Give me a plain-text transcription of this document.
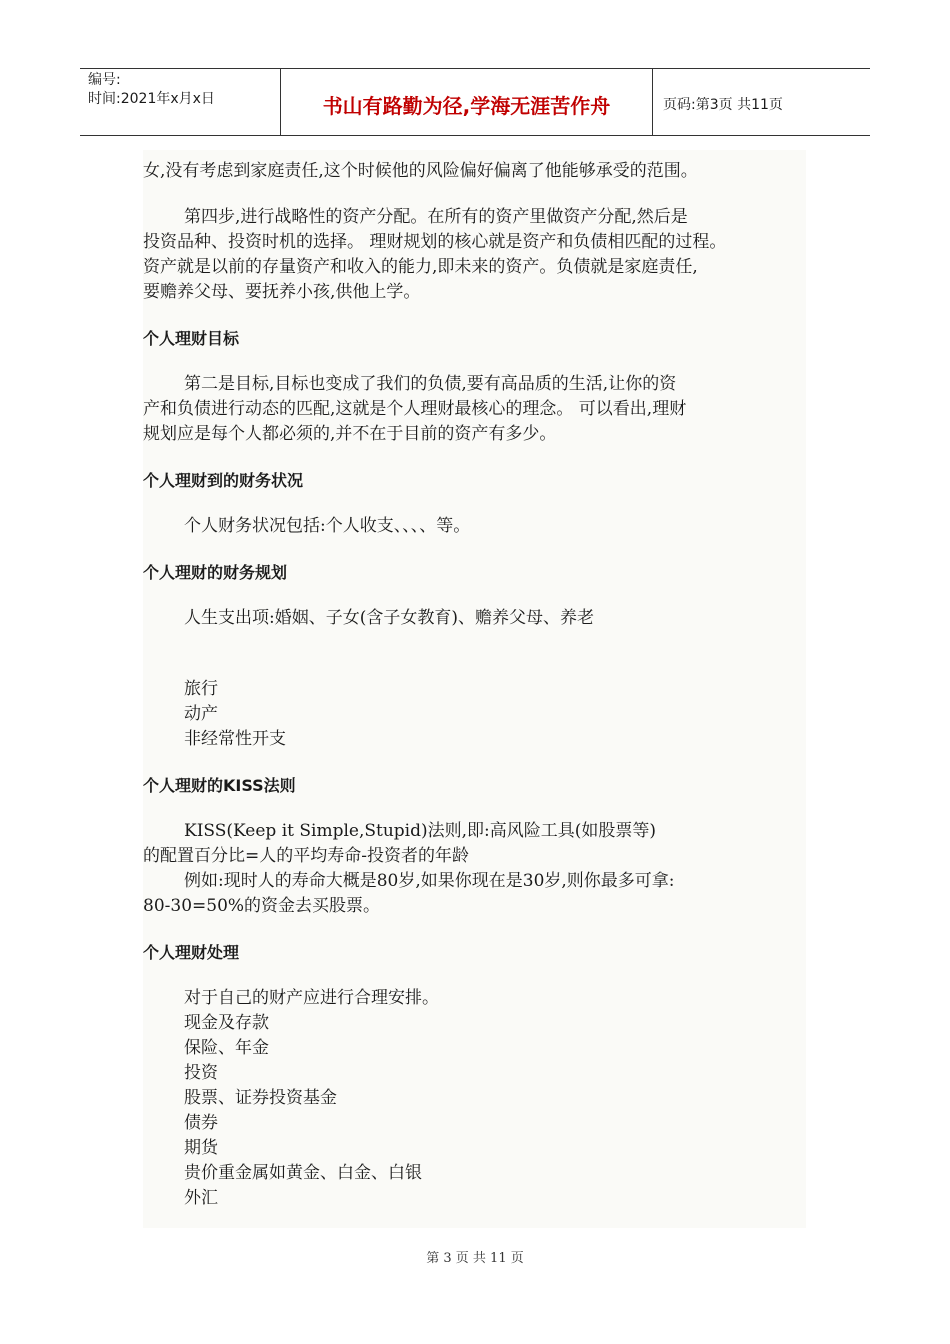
编号:
时间:2021年x月x日	书山有路勤为径,学海无涯苦作舟	页码:第3页 共11页

女,没有考虑到家庭责任,这个时候他的风险偏好偏离了他能够承受的范围。

第四步,进行战略性的资产分配。在所有的资产里做资产分配,然后是

投资品种、投资时机的选择。 理财规划的核心就是资产和负债相匹配的过程。

资产就是以前的存量资产和收入的能力,即未来的资产。负债就是家庭责任,

要赡养父母、要抚养小孩,供他上学。

个人理财目标

第二是目标,目标也变成了我们的负债,要有高品质的生活,让你的资

产和负债进行动态的匹配,这就是个人理财最核心的理念。 可以看出,理财

规划应是每个人都必须的,并不在于目前的资产有多少。

个人理财到的财务状况

个人财务状况包括:个人收支、、、、等。

个人理财的财务规划

人生支出项:婚姻、子女(含子女教育)、赡养父母、养老

旅行

动产

非经常性开支

个人理财的KISS法则

KISS(Keep it Simple,Stupid)法则,即:高风险工具(如股票等)

的配置百分比=人的平均寿命-投资者的年龄

例如:现时人的寿命大概是80岁,如果你现在是30岁,则你最多可拿:

80-30=50%的资金去买股票。

个人理财处理

对于自己的财产应进行合理安排。

现金及存款

保险、年金

投资

股票、证券投资基金

债券

期货

贵价重金属如黄金、白金、白银

外汇

第 3 页 共 11 页
